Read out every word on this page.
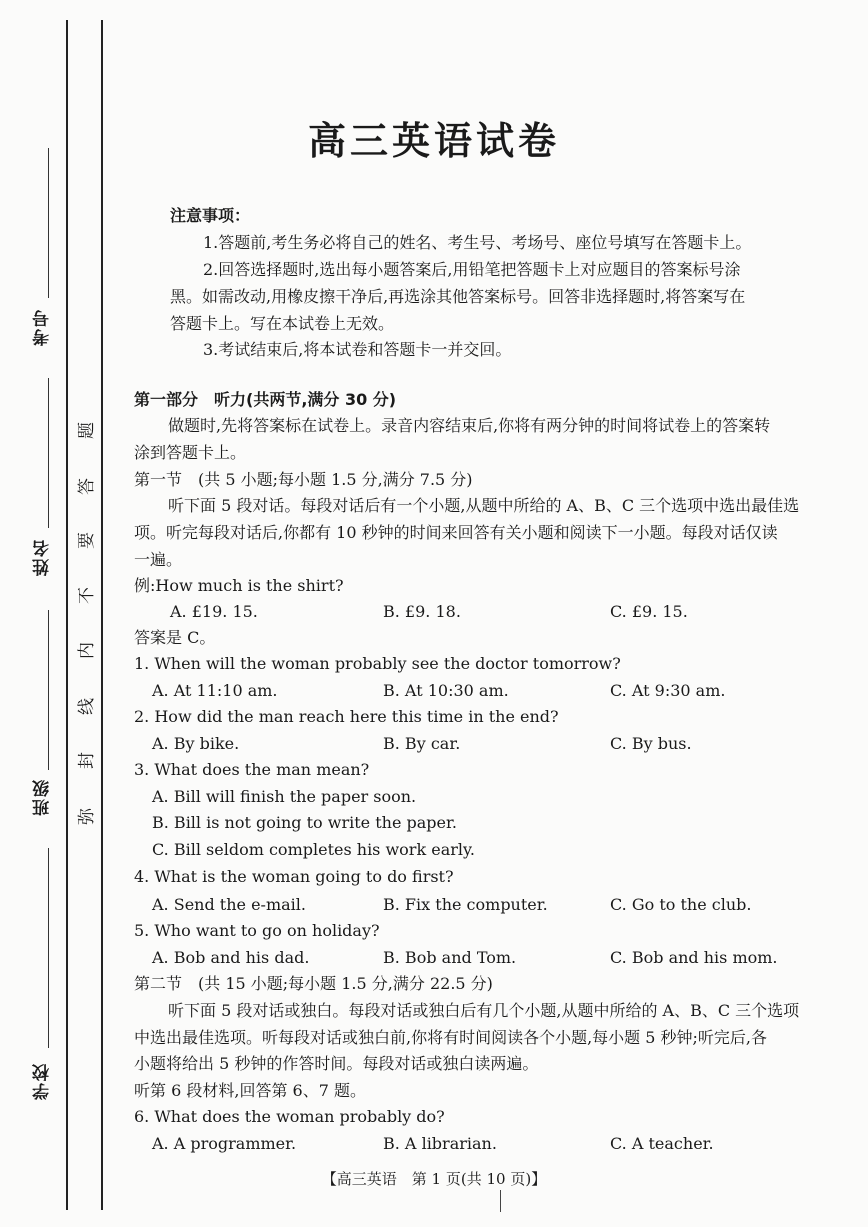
考号
姓名
班级
学校
题
答
要
不
内
线
封
弥
高三英语试卷
注意事项：
1.答题前,考生务必将自己的姓名、考生号、考场号、座位号填写在答题卡上。
2.回答选择题时,选出每小题答案后,用铅笔把答题卡上对应题目的答案标号涂
黑。如需改动,用橡皮擦干净后,再选涂其他答案标号。回答非选择题时,将答案写在
答题卡上。写在本试卷上无效。
3.考试结束后,将本试卷和答题卡一并交回。
第一部分　听力(共两节,满分 30 分)
做题时,先将答案标在试卷上。录音内容结束后,你将有两分钟的时间将试卷上的答案转
涂到答题卡上。
第一节　(共 5 小题;每小题 1.5 分,满分 7.5 分)
听下面 5 段对话。每段对话后有一个小题,从题中所给的 A、B、C 三个选项中选出最佳选
项。听完每段对话后,你都有 10 秒钟的时间来回答有关小题和阅读下一小题。每段对话仅读
一遍。
例:How much is the shirt?
A. £19. 15.	B. £9. 18.	C. £9. 15.
答案是 C。
1. When will the woman probably see the doctor tomorrow?
A. At 11:10 am.	B. At 10:30 am.	C. At 9:30 am.
2. How did the man reach here this time in the end?
A. By bike.	B. By car.	C. By bus.
3. What does the man mean?
A. Bill will finish the paper soon.
B. Bill is not going to write the paper.
C. Bill seldom completes his work early.
4. What is the woman going to do first?
A. Send the e-mail.	B. Fix the computer.	C. Go to the club.
5. Who want to go on holiday?
A. Bob and his dad.	B. Bob and Tom.	C. Bob and his mom.
第二节　(共 15 小题;每小题 1.5 分,满分 22.5 分)
听下面 5 段对话或独白。每段对话或独白后有几个小题,从题中所给的 A、B、C 三个选项
中选出最佳选项。听每段对话或独白前,你将有时间阅读各个小题,每小题 5 秒钟;听完后,各
小题将给出 5 秒钟的作答时间。每段对话或独白读两遍。
听第 6 段材料,回答第 6、7 题。
6. What does the woman probably do?
A. A programmer.	B. A librarian.	C. A teacher.
【高三英语　第 1 页(共 10 页)】
